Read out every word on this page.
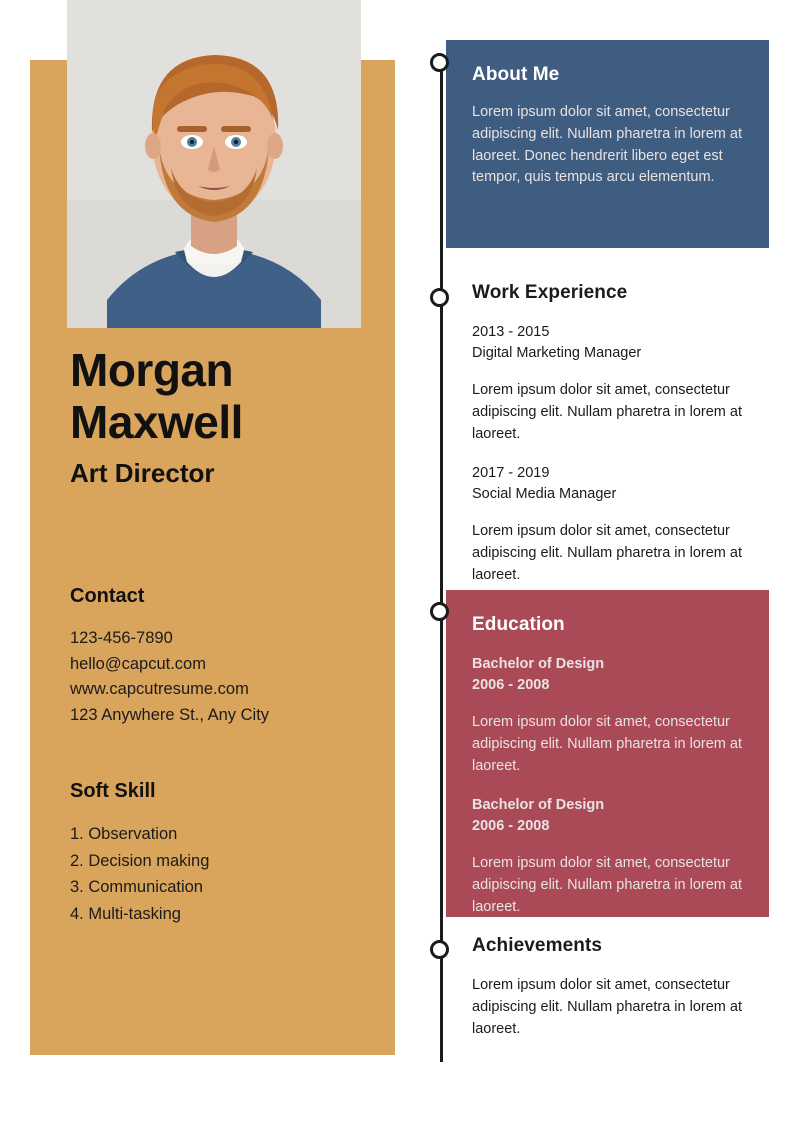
Morgan
Maxwell
Art Director
Contact
123-456-7890
hello@capcut.com
www.capcutresume.com
123 Anywhere St., Any City
Soft Skill
1. Observation
2. Decision making
3. Communication
4. Multi-tasking
About Me

Lorem ipsum dolor sit amet, consectetur adipiscing elit. Nullam pharetra in lorem at laoreet. Donec hendrerit libero eget est tempor, quis tempus arcu elementum.

Work Experience
2013 - 2015
Digital Marketing Manager

Lorem ipsum dolor sit amet, consectetur adipiscing elit. Nullam pharetra in lorem at laoreet.

2017 - 2019
Social Media Manager

Lorem ipsum dolor sit amet, consectetur adipiscing elit. Nullam pharetra in lorem at laoreet.

Education
Bachelor of Design
2006 - 2008

Lorem ipsum dolor sit amet, consectetur adipiscing elit. Nullam pharetra in lorem at laoreet.

Bachelor of Design
2006 - 2008

Lorem ipsum dolor sit amet, consectetur adipiscing elit. Nullam pharetra in lorem at laoreet.

Achievements

Lorem ipsum dolor sit amet, consectetur adipiscing elit. Nullam pharetra in lorem at laoreet.
